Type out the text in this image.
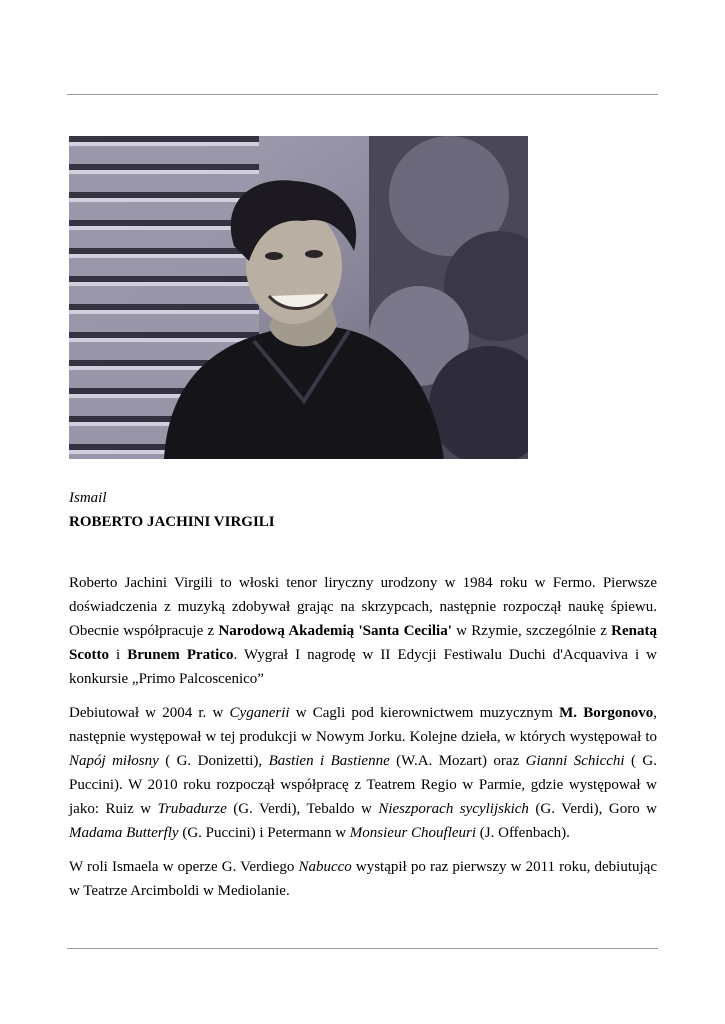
Ismail
ROBERTO JACHINI VIRGILI

Roberto Jachini Virgili to włoski tenor liryczny urodzony w 1984 roku w Fermo. Pierwsze doświadczenia z muzyką zdobywał grając na skrzypcach, następnie rozpoczął naukę śpiewu. Obecnie współpracuje z Narodową Akademią 'Santa Cecilia' w Rzymie, szczególnie z Renatą Scotto i Brunem Pratico. Wygrał I nagrodę w II Edycji Festiwalu Duchi d'Acquaviva i w konkursie „Primo Palcoscenico”

Debiutował w 2004 r. w Cyganerii w Cagli pod kierownictwem muzycznym M. Borgonovo, następnie występował w tej produkcji w Nowym Jorku. Kolejne dzieła, w których występował to Napój miłosny ( G. Donizetti), Bastien i Bastienne (W.A. Mozart) oraz Gianni Schicchi ( G. Puccini). W 2010 roku rozpoczął współpracę z Teatrem Regio w Parmie, gdzie występował w jako: Ruiz w Trubadurze (G. Verdi), Tebaldo w Nieszporach sycylijskich (G. Verdi), Goro w Madama Butterfly (G. Puccini) i Petermann w Monsieur Choufleuri (J. Offenbach).

W roli Ismaela w operze G. Verdiego Nabucco wystąpił po raz pierwszy w 2011 roku, debiutując w Teatrze Arcimboldi w Mediolanie.
